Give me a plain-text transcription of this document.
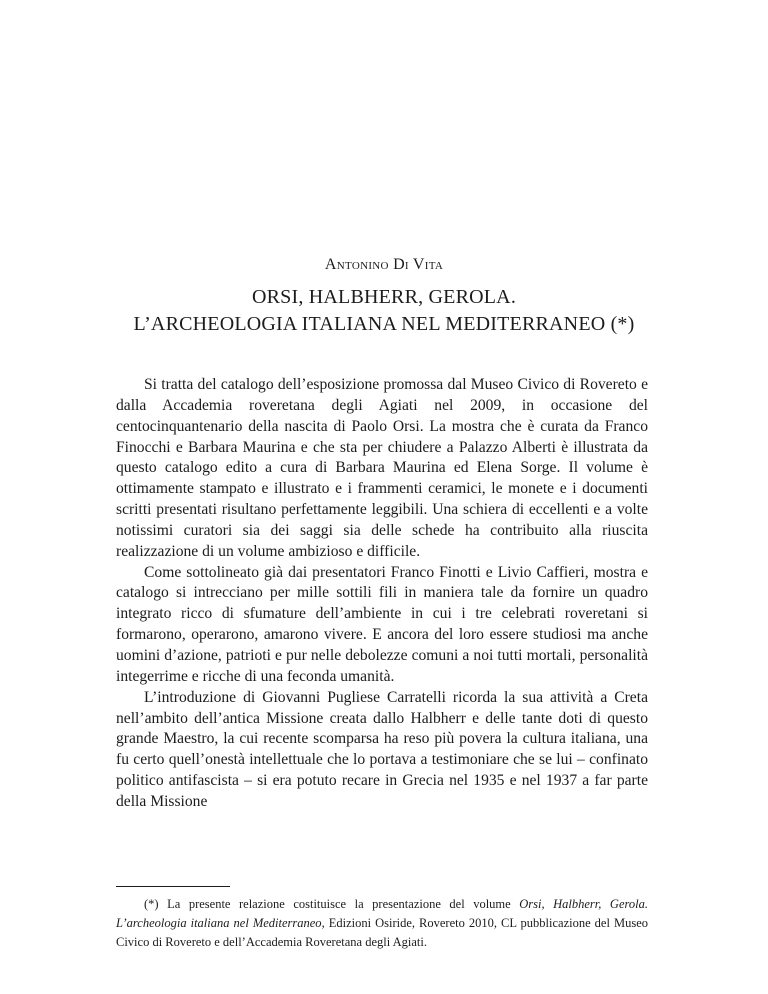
Antonino Di Vita
ORSI, HALBHERR, GEROLA.
L’ARCHEOLOGIA ITALIANA NEL MEDITERRANEO (*)

Si tratta del catalogo dell’esposizione promossa dal Museo Civico di Rovereto e dalla Accademia roveretana degli Agiati nel 2009, in occasione del centocinquantenario della nascita di Paolo Orsi. La mostra che è curata da Franco Finocchi e Barbara Maurina e che sta per chiudere a Palazzo Alberti è illustrata da questo catalogo edito a cura di Barbara Maurina ed Elena Sorge. Il volume è ottimamente stampato e illustrato e i frammenti ceramici, le monete e i documenti scritti presentati risultano perfettamente leggibili. Una schiera di eccellenti e a volte notissimi curatori sia dei saggi sia delle schede ha contribuito alla riuscita realizzazione di un volume ambizioso e difficile.

Come sottolineato già dai presentatori Franco Finotti e Livio Caffieri, mostra e catalogo si intrecciano per mille sottili fili in maniera tale da fornire un quadro integrato ricco di sfumature dell’ambiente in cui i tre celebrati roveretani si formarono, operarono, amarono vivere. E ancora del loro essere studiosi ma anche uomini d’azione, patrioti e pur nelle debolezze comuni a noi tutti mortali, personalità integerrime e ricche di una feconda umanità.

L’introduzione di Giovanni Pugliese Carratelli ricorda la sua attività a Creta nell’ambito dell’antica Missione creata dallo Halbherr e delle tante doti di questo grande Maestro, la cui recente scomparsa ha reso più povera la cultura italiana, una fu certo quell’onestà intellettuale che lo portava a testimoniare che se lui – confinato politico antifascista – si era potuto recare in Grecia nel 1935 e nel 1937 a far parte della Missione

(*) La presente relazione costituisce la presentazione del volume Orsi, Halbherr, Gerola. L’archeologia italiana nel Mediterraneo, Edizioni Osiride, Rovereto 2010, CL pubblicazione del Museo Civico di Rovereto e dell’Accademia Roveretana degli Agiati.
